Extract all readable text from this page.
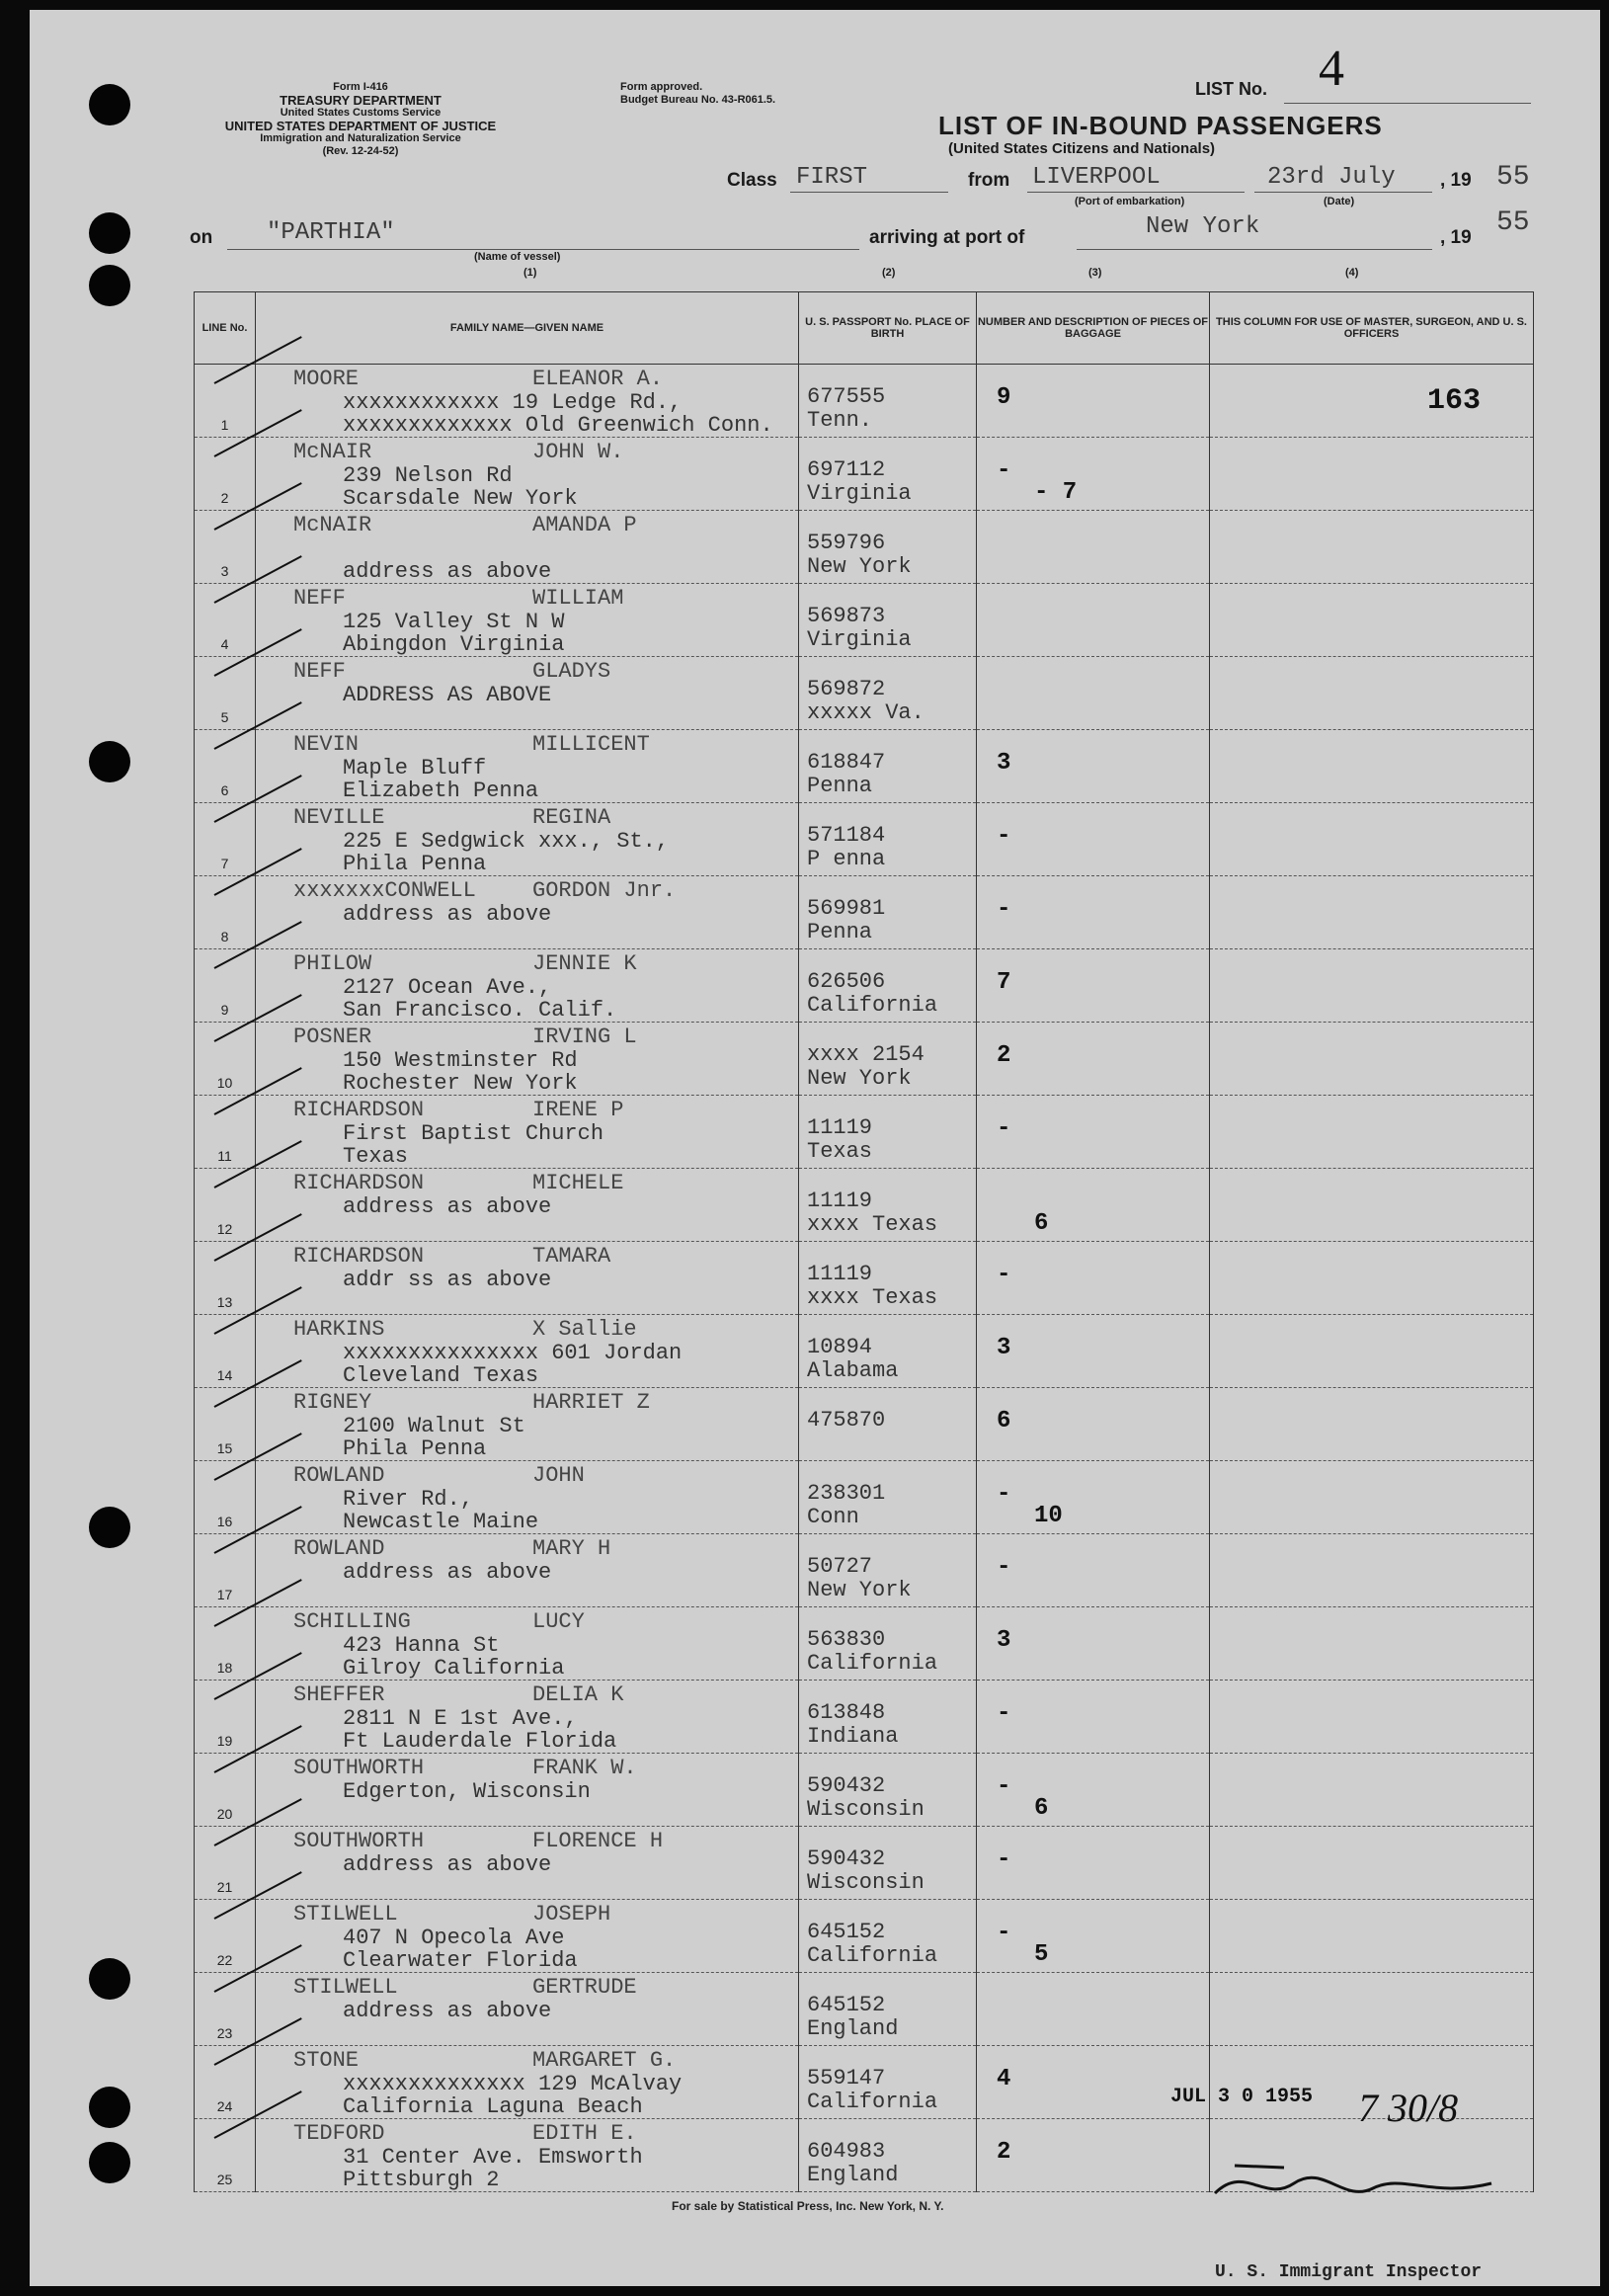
Form I-416
TREASURY DEPARTMENT
United States Customs Service
UNITED STATES DEPARTMENT OF JUSTICE
Immigration and Naturalization Service
(Rev. 12-24-52)
Form approved.
Budget Bureau No. 43-R061.5.
LIST No. 4
LIST OF IN-BOUND PASSENGERS
(United States Citizens and Nationals)
Class FIRST	from LIVERPOOL
(Port of embarkation)
23rd July
(Date)
, 19 55
on "PARTHIA"
(Name of vessel)
arriving at port of	New York	, 19 55
(1)	(2)	(3)	(4)
LINE No.	FAMILY NAME—GIVEN NAME	U. S. PASSPORT No. PLACE OF BIRTH	NUMBER AND DESCRIPTION OF PIECES OF BAGGAGE	THIS COLUMN FOR USE OF MASTER, SURGEON, AND U. S. OFFICERS

1	MOORE ELEANOR A.
xxxxxxxxxxxx 19 Ledge Rd.,
xxxxxxxxxxxxx Old Greenwich Conn.	677555
Tenn.	9	163

2	McNAIR JOHN W.
239 Nelson Rd
Scarsdale New York	697112
Virginia	-
- 7	

3	McNAIR AMANDA P
address as above	559796
New York		

4	NEFF WILLIAM
125 Valley St N W
Abingdon Virginia	569873
Virginia		

5	NEFF GLADYS
ADDRESS AS ABOVE	569872
xxxxx Va.		

6	NEVIN MILLICENT
Maple Bluff
Elizabeth Penna	618847
Penna	3	

7	NEVILLE REGINA
225 E Sedgwick xxx., St.,
Phila Penna	571184
P enna	-	

8	xxxxxxxCONWELL GORDON Jnr.
address as above	569981
Penna	-	

9	PHILOW JENNIE K
2127 Ocean Ave.,
San Francisco. Calif.	626506
California	7	

10	POSNER IRVING L
150 Westminster Rd
Rochester New York	xxxx 2154
New York	2	

11	RICHARDSON IRENE P
First Baptist Church
Texas	11119
Texas	-	

12	RICHARDSON MICHELE
address as above	11119
xxxx Texas	6	

13	RICHARDSON TAMARA
addr ss as above	11119
xxxx Texas	-	

14	HARKINS X Sallie
xxxxxxxxxxxxxxx 601 Jordan
Cleveland Texas	10894
Alabama	3	

15	RIGNEY HARRIET Z
2100 Walnut St
Phila Penna	475870	6	

16	ROWLAND JOHN
River Rd.,
Newcastle Maine	238301
Conn	-
10	

17	ROWLAND MARY H
address as above	50727
New York	-	

18	SCHILLING LUCY
423 Hanna St
Gilroy California	563830
California	3	

19	SHEFFER DELIA K
2811 N E 1st Ave.,
Ft Lauderdale Florida	613848
Indiana	-	

20	SOUTHWORTH FRANK W.
Edgerton, Wisconsin	590432
Wisconsin	-
6	

21	SOUTHWORTH FLORENCE H
address as above	590432
Wisconsin	-	

22	STILWELL JOSEPH
407 N Opecola Ave
Clearwater Florida	645152
California	-
5	

23	STILWELL GERTRUDE
address as above	645152
England		

24	STONE MARGARET G.
xxxxxxxxxxxxxx 129 McAlvay
California Laguna Beach	559147
California	4	JUL 3 0 1955

25	TEDFORD EDITH E.
31 Center Ave. Emsworth
Pittsburgh 2	604983
England	2	

7 30/8
For sale by Statistical Press, Inc. New York, N. Y.
U. S. Immigrant Inspector
